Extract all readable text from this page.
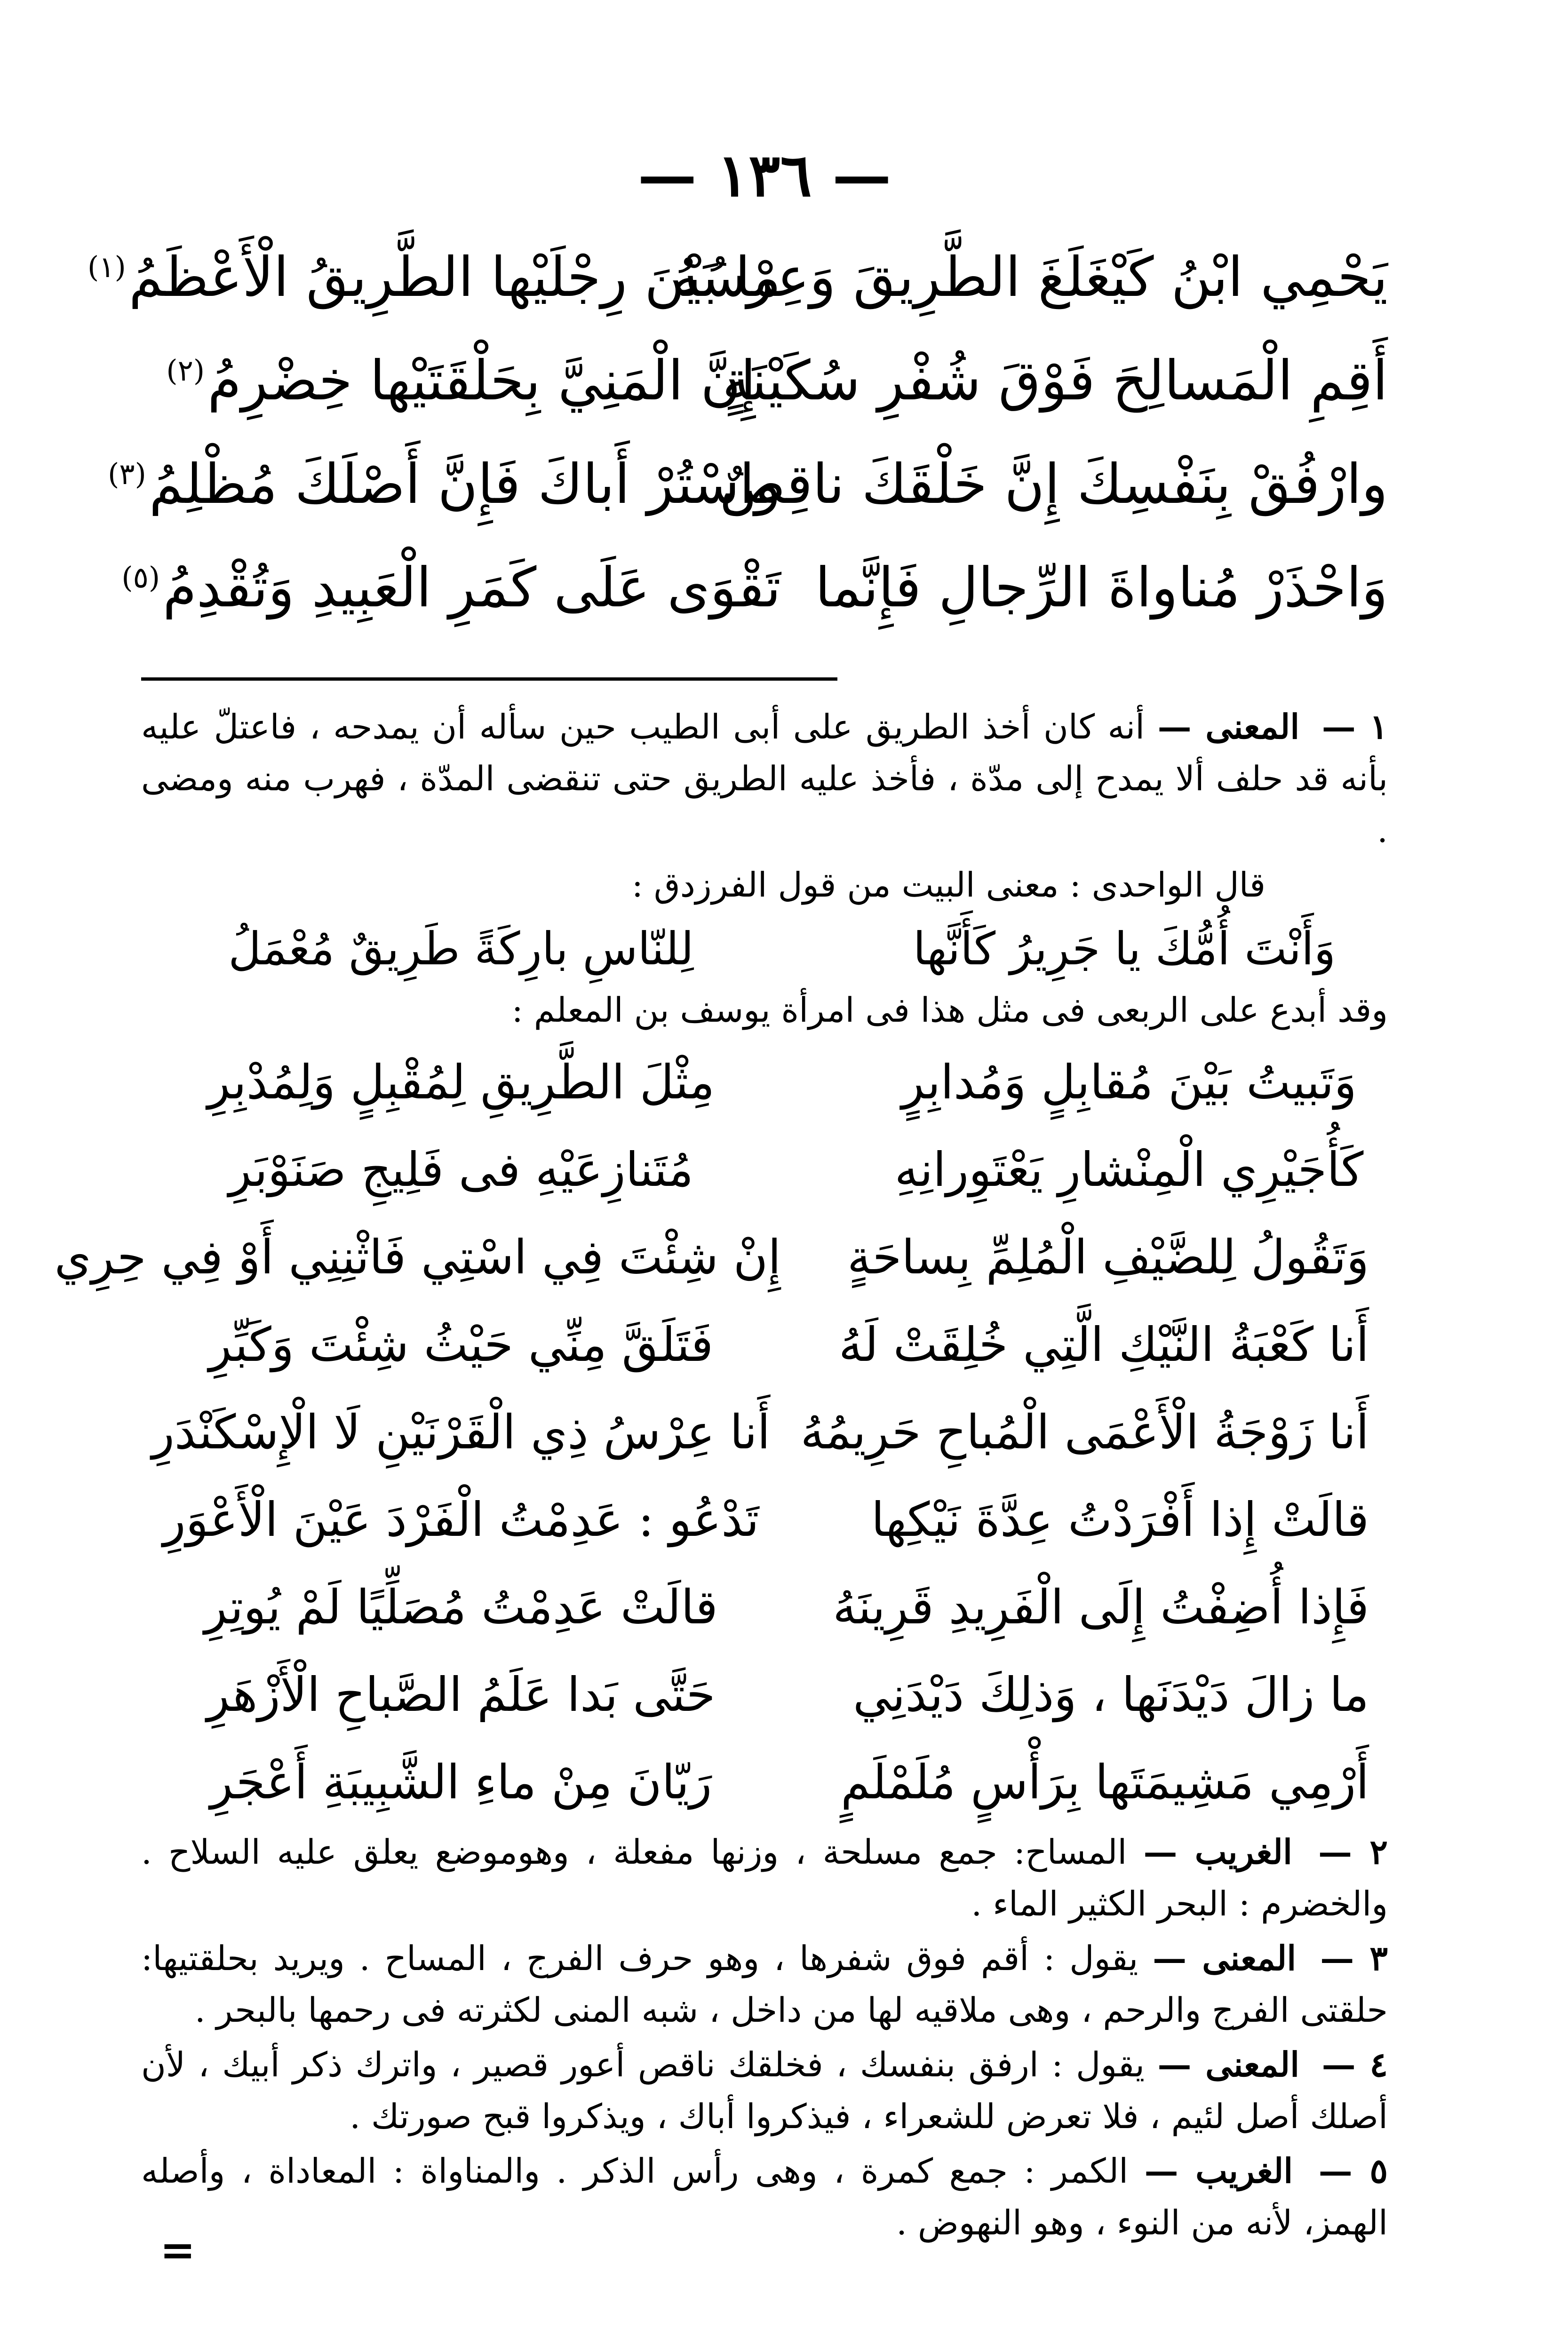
— ١٣٦ —
يَحْمِي ابْنُ كَيْغَلَغَ الطَّرِيقَ وَعِرْسُهُ
ما بَيْنَ رِجْلَيْها الطَّرِيقُ الْأَعْظَمُ$^{(١)}$
أَقِمِ الْمَسالِحَ فَوْقَ شُفْرِ سُكَيْنَةٍ
إِنَّ الْمَنِيَّ بِحَلْقَتَيْها خِضْرِمُ$^{(٢)}$
وارْفُقْ بِنَفْسِكَ إِنَّ خَلْقَكَ ناقِصٌ
واسْتُرْ أَباكَ فَإِنَّ أَصْلَكَ مُظْلِمُ$^{(٣)}$
وَاحْذَرْ مُناواةَ الرِّجالِ فَإِنَّما
تَقْوَى عَلَى كَمَرِ الْعَبِيدِ وَتُقْدِمُ$^{(٥)}$

١ — المعنى — أنه كان أخذ الطريق على أبى الطيب حين سأله أن يمدحه ، فاعتلّ عليه بأنه قد حلف ألا يمدح إلى مدّة ، فأخذ عليه الطريق حتى تنقضى المدّة ، فهرب منه ومضى .

قال الواحدى : معنى البيت من قول الفرزدق :

وَأَنْتَ أُمُّكَ يا جَرِيرُ كَأَنَّها
لِلنّاسِ بارِكَةً طَرِيقٌ مُعْمَلُ

وقد أبدع على الربعى فى مثل هذا فى امرأة يوسف بن المعلم :

وَتَبيتُ بَيْنَ مُقابِلٍ وَمُدابِرٍ
مِثْلَ الطَّرِيقِ لِمُقْبِلٍ وَلِمُدْبِرِ
كَأُجَيْرِي الْمِنْشارِ يَعْتَوِرانِهِ
مُتَنازِعَيْهِ فى فَلِيجِ صَنَوْبَرِ
وَتَقُولُ لِلضَّيْفِ الْمُلِمِّ بِساحَةٍ
إِنْ شِئْتَ فِي اسْتِي فَاثْنِنِي أَوْ فِي حِرِي
أَنا كَعْبَةُ النَّيْكِ الَّتِي خُلِقَتْ لَهُ
فَتَلَقَّ مِنِّي حَيْثُ شِئْتَ وَكَبِّرِ
أَنا زَوْجَةُ الْأَعْمَى الْمُباحِ حَرِيمُهُ
أَنا عِرْسُ ذِي الْقَرْنَيْنِ لَا الْإِسْكَنْدَرِ
قالَتْ إِذا أَفْرَدْتُ عِدَّةَ نَيْكِها
تَدْعُو : عَدِمْتُ الْفَرْدَ عَيْنَ الْأَعْوَرِ
فَإِذا أُضِفْتُ إِلَى الْفَرِيدِ قَرِينَهُ
قالَتْ عَدِمْتُ مُصَلِّيًا لَمْ يُوتِرِ
ما زالَ دَيْدَنَها ، وَذلِكَ دَيْدَنِي
حَتَّى بَدا عَلَمُ الصَّباحِ الْأَزْهَرِ
أَرْمِي مَشِيمَتَها بِرَأْسٍ مُلَمْلَمٍ
رَيّانَ مِنْ ماءِ الشَّبِيبَةِ أَعْجَرِ

٢ — الغريب — المساح: جمع مسلحة ، وزنها مفعلة ، وهوموضع يعلق عليه السلاح . والخضرم : البحر الكثير الماء .

٣ — المعنى — يقول : أقم فوق شفرها ، وهو حرف الفرج ، المساح . ويريد بحلقتيها: حلقتى الفرج والرحم ، وهى ملاقيه لها من داخل ، شبه المنى لكثرته فى رحمها بالبحر .

٤ — المعنى — يقول : ارفق بنفسك ، فخلقك ناقص أعور قصير ، واترك ذكر أبيك ، لأن أصلك أصل لئيم ، فلا تعرض للشعراء ، فيذكروا أباك ، ويذكروا قبح صورتك .

٥ — الغريب — الكمر : جمع كمرة ، وهى رأس الذكر . والمناواة : المعاداة ، وأصله الهمز، لأنه من النوء ، وهو النهوض .

=
